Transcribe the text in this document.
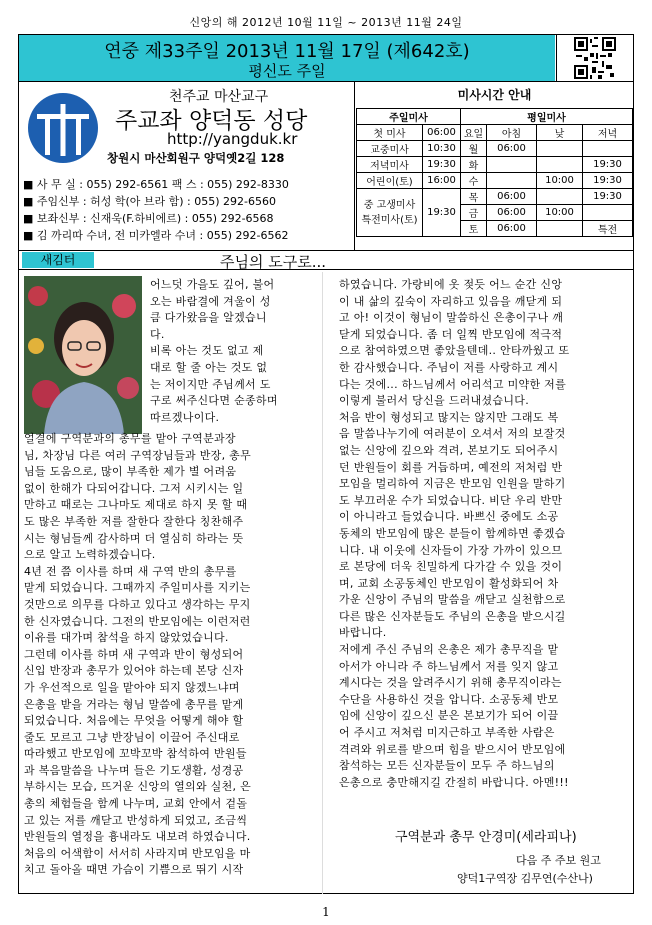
신앙의 해 2012년 10월 11일 ~ 2013년 11월 24일
연중 제33주일 2013년 11월 17일 (제642호)
평신도 주일
천주교 마산교구
주교좌 양덕동 성당
http://yangduk.kr
창원시 마산회원구 양덕옛2길 128
■ 사 무 실 : 055) 292-6561 팩 스 : 055) 292-8330
■ 주임신부 : 허성 학(아 브라 함) : 055) 292-6560
■ 보좌신부 : 신재욱(F.하비에르) : 055) 292-6568
■ 김 까리따 수녀, 전 미카엘라 수녀 : 055) 292-6562
미사시간 안내
주일미사		평일미사			
첫 미사	06:00	요일	아침	낮	저녁
교중미사	10:30	월	06:00		
저녁미사	19:30	화			19:30
어린이(토)	16:00	수		10:00	19:30

중 고생미사
특전미사(토)	19:30	목	06:00		19:30
		금	06:00	10:00	
		토	06:00		특전
새김터	주님의 도구로...
어느덧 가을도 깊어, 불어
오는 바람결에 겨울이 성
큼 다가왔음을 알겠습니
다.
비록 아는 것도 없고 제
대로 할 줄 아는 것도 없
는 저이지만 주님께서 도
구로 써주신다면 순종하며
따르겠나이다.
얼결에 구역분과의 총무를 맡아 구역분과장
님, 차장님 다른 여러 구역장님들과 반장, 총무
님들 도움으로, 많이 부족한 제가 별 어려움
없이 한해가 다되어갑니다. 그저 시키시는 일
만하고 때로는 그나마도 제대로 하지 못 할 때
도 많은 부족한 저를 잘한다 잘한다 칭찬해주
시는 형님들께 감사하며 더 열심히 하라는 뜻
으로 알고 노력하겠습니다.
4년 전 쯤 이사를 하며 새 구역 반의 총무를
맡게 되었습니다. 그때까지 주일미사를 지키는
것만으로 의무를 다하고 있다고 생각하는 무지
한 신자였습니다. 그전의 반모임에는 이런저런
이유를 대가며 참석을 하지 않았었습니다.
그런데 이사를 하며 새 구역과 반이 형성되어
신입 반장과 총무가 있어야 하는데 본당 신자
가 우선적으로 일을 맡아야 되지 않겠느냐며
은총을 받을 거라는 형님 말씀에 총무를 맡게
되었습니다. 처음에는 무엇을 어떻게 해야 할
줄도 모르고 그냥 반장님이 이끌어 주신대로
따라했고 반모임에 꼬박꼬박 참석하여 반원들
과 복음말씀을 나누며 들은 기도생활, 성경공
부하시는 모습, 뜨거운 신앙의 열의와 실천, 은
총의 체험들을 함께 나누며, 교회 안에서 겉돌
고 있는 저를 깨닫고 반성하게 되었고, 조금씩
반원들의 열정을 흉내라도 내보려 하였습니다.
처음의 어색함이 서서히 사라지며 반모임을 마
치고 돌아올 때면 가슴이 기쁨으로 뛰기 시작
하였습니다. 가랑비에 옷 젖듯 어느 순간 신앙
이 내 삶의 깊숙이 자리하고 있음을 깨닫게 되
고 아! 이것이 형님이 말씀하신 은총이구나 깨
닫게 되었습니다. 좀 더 일찍 반모임에 적극적
으로 참여하였으면 좋았을텐데.. 안타까웠고 또
한 감사했습니다. 주님이 저를 사랑하고 계시
다는 것에... 하느님께서 어리석고 미약한 저를
이렇게 불러서 당신을 드러내셨습니다.
처음 반이 형성되고 많지는 않지만 그래도 복
음 말씀나누기에 여러분이 오셔서 저의 보잘것
없는 신앙에 깊으와 격려, 본보기도 되어주시
던 반원들이 회를 거듭하며, 예전의 저처럼 반
모임을 멀리하여 지금은 반모임 인원을 말하기
도 부끄러운 수가 되었습니다. 비단 우리 반만
이 아니라고 들었습니다. 바쁘신 중에도 소공
동체의 반모임에 많은 분들이 함께하면 좋겠습
니다. 내 이웃에 신자들이 가장 가까이 있으므
로 본당에 더욱 친밀하게 다가갈 수 있을 것이
며, 교회 소공동체인 반모임이 활성화되어 차
가운 신앙이 주님의 말씀을 깨닫고 실천함으로
다른 많은 신자분들도 주님의 은총을 받으시길
바랍니다.
저에게 주신 주님의 은총은 제가 총무직을 맡
아서가 아니라 주 하느님께서 저를 잊지 않고
계시다는 것을 알려주시기 위해 총무직이라는
수단을 사용하신 것을 압니다. 소공동체 반모
임에 신앙이 깊으신 분은 본보기가 되어 이끌
어 주시고 저처럼 미지근하고 부족한 사람은
격려와 위로를 받으며 힘을 받으시어 반모임에
참석하는 모든 신자분들이 모두 주 하느님의
은총으로 충만해지길 간절히 바랍니다. 아멘!!!
구역분과 총무 안경미(세라피나)
다음 주 주보 원고
양덕1구역장 김무연(수산나)
1
